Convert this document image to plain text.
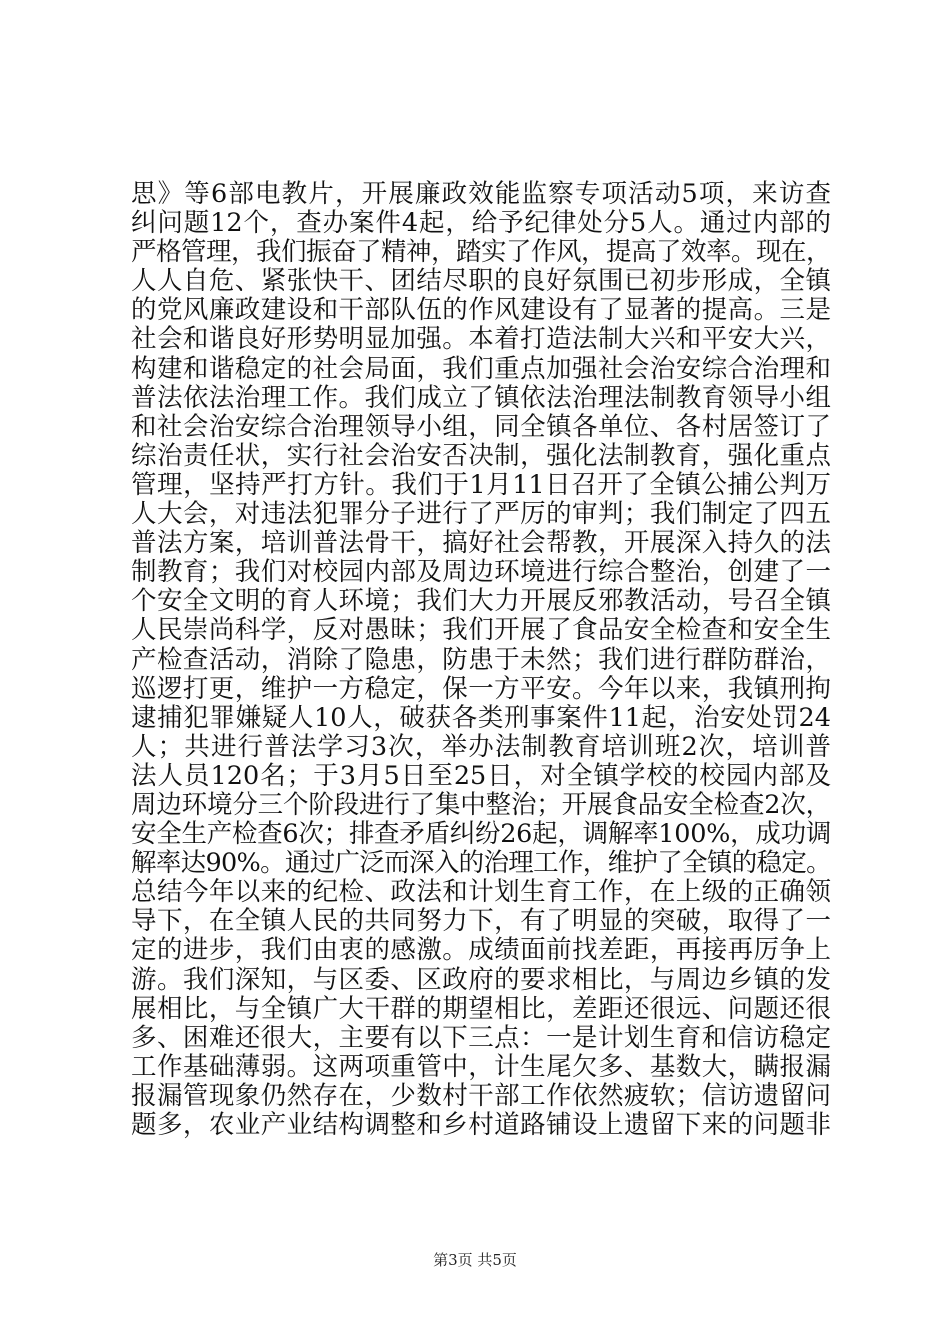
思》等6部电教片，开展廉政效能监察专项活动5项，来访查
纠问题12个，查办案件4起，给予纪律处分5人。通过内部的
严格管理，我们振奋了精神，踏实了作风，提高了效率。现在，
人人自危、紧张快干、团结尽职的良好氛围已初步形成，全镇
的党风廉政建设和干部队伍的作风建设有了显著的提高。三是
社会和谐良好形势明显加强。本着打造法制大兴和平安大兴，
构建和谐稳定的社会局面，我们重点加强社会治安综合治理和
普法依法治理工作。我们成立了镇依法治理法制教育领导小组
和社会治安综合治理领导小组，同全镇各单位、各村居签订了
综治责任状，实行社会治安否决制，强化法制教育，强化重点
管理，坚持严打方针。我们于1月11日召开了全镇公捕公判万
人大会，对违法犯罪分子进行了严厉的审判；我们制定了四五
普法方案，培训普法骨干，搞好社会帮教，开展深入持久的法
制教育；我们对校园内部及周边环境进行综合整治，创建了一
个安全文明的育人环境；我们大力开展反邪教活动，号召全镇
人民崇尚科学，反对愚昧；我们开展了食品安全检查和安全生
产检查活动，消除了隐患，防患于未然；我们进行群防群治，
巡逻打更，维护一方稳定，保一方平安。今年以来，我镇刑拘
逮捕犯罪嫌疑人10人，破获各类刑事案件11起，治安处罚24
人；共进行普法学习3次，举办法制教育培训班2次，培训普
法人员120名；于3月5日至25日，对全镇学校的校园内部及
周边环境分三个阶段进行了集中整治；开展食品安全检查2次，
安全生产检查6次；排查矛盾纠纷26起，调解率100%，成功调
解率达90%。通过广泛而深入的治理工作，维护了全镇的稳定。
总结今年以来的纪检、政法和计划生育工作，在上级的正确领
导下，在全镇人民的共同努力下，有了明显的突破，取得了一
定的进步，我们由衷的感激。成绩面前找差距，再接再厉争上
游。我们深知，与区委、区政府的要求相比，与周边乡镇的发
展相比，与全镇广大干群的期望相比，差距还很远、问题还很
多、困难还很大，主要有以下三点：一是计划生育和信访稳定
工作基础薄弱。这两项重管中，计生尾欠多、基数大，瞒报漏
报漏管现象仍然存在，少数村干部工作依然疲软；信访遗留问
题多，农业产业结构调整和乡村道路铺设上遗留下来的问题非
第3页 共5页
